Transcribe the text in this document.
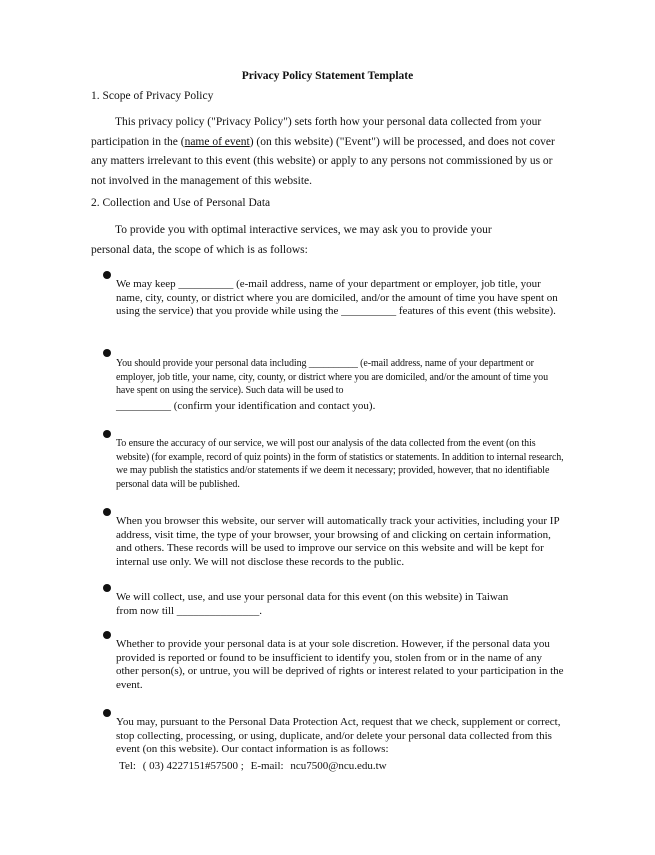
Privacy Policy Statement Template
1. Scope of Privacy Policy
This privacy policy ("Privacy Policy") sets forth how your personal data collected from your participation in the (name of event) (on this website) ("Event") will be processed, and does not cover any matters irrelevant to this event (this website) or apply to any persons not commissioned by us or not involved in the management of this website.
2. Collection and Use of Personal Data
To provide you with optimal interactive services, we may ask you to provide your personal data, the scope of which is as follows:
We may keep __________ (e-mail address, name of your department or employer, job title, your name, city, county, or district where you are domiciled, and/or the amount of time you have spent on using the service) that you provide while using the __________ features of this event (this website).
You should provide your personal data including __________ (e-mail address, name of your department or employer, job title, your name, city, county, or district where you are domiciled, and/or the amount of time you have spent on using the service). Such data will be used to
__________ (confirm your identification and contact you).
To ensure the accuracy of our service, we will post our analysis of the data collected from the event (on this website) (for example, record of quiz points) in the form of statistics or statements. In addition to internal research, we may publish the statistics and/or statements if we deem it necessary; provided, however, that no identifiable personal data will be published.
When you browser this website, our server will automatically track your activities, including your IP address, visit time, the type of your browser, your browsing of and clicking on certain information, and others. These records will be used to improve our service on this website and will be kept for internal use only. We will not disclose these records to the public.
We will collect, use, and use your personal data for this event (on this website) in Taiwan from now till _______________.
Whether to provide your personal data is at your sole discretion. However, if the personal data you provided is reported or found to be insufficient to identify you, stolen from or in the name of any other person(s), or untrue, you will be deprived of rights or interest related to your participation in the event.
You may, pursuant to the Personal Data Protection Act, request that we check, supplement or correct, stop collecting, processing, or using, duplicate, and/or delete your personal data collected from this event (on this website). Our contact information is as follows:
Tel: ( 03) 4227151#57500 ; E-mail: ncu7500@ncu.edu.tw
